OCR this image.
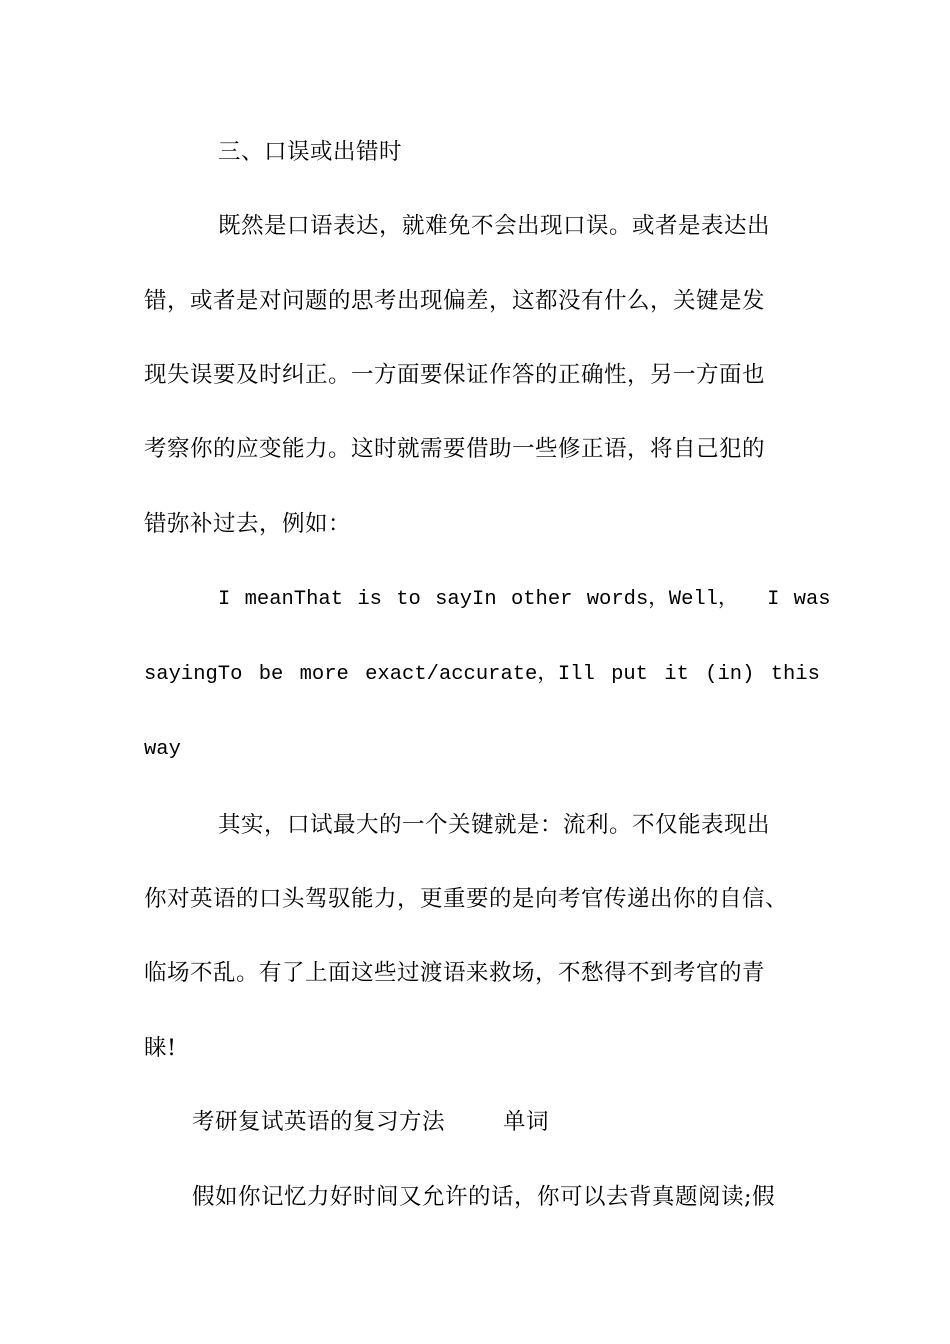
三、口误或出错时
既然是口语表达，就难免不会出现口误。或者是表达出
错，或者是对问题的思考出现偏差，这都没有什么，关键是发
现失误要及时纠正。一方面要保证作答的正确性，另一方面也
考察你的应变能力。这时就需要借助一些修正语，将自己犯的
错弥补过去，例如：
I meanThat is to sayIn other words，Well，  I was
sayingTo be more exact/accurate，Ill put it (in) this
way
其实，口试最大的一个关键就是：流利。不仅能表现出
你对英语的口头驾驭能力，更重要的是向考官传递出你的自信、
临场不乱。有了上面这些过渡语来救场，不愁得不到考官的青
睐!
考研复试英语的复习方法	单词
假如你记忆力好时间又允许的话，你可以去背真题阅读;假
